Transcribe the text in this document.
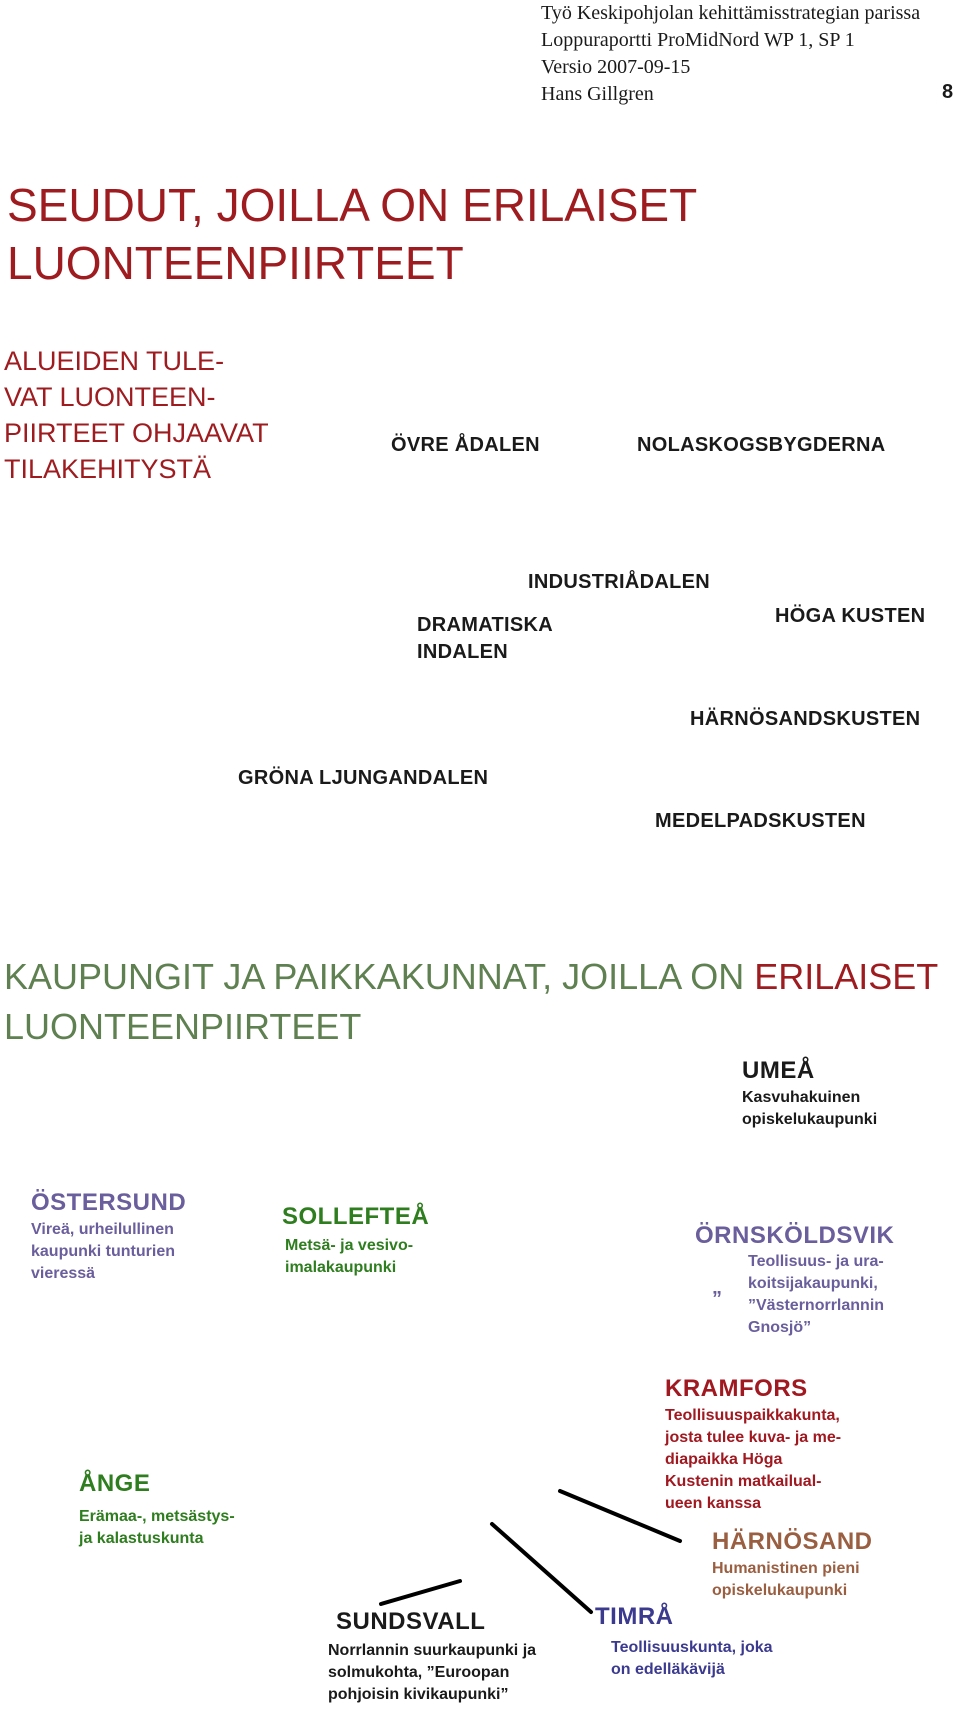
Työ Keskipohjolan kehittämisstrategian parissa
Loppuraportti ProMidNord WP 1, SP 1
Versio 2007-09-15
Hans Gillgren	8
SEUDUT, JOILLA ON ERILAISET
LUONTEENPIIRTEET
ALUEIDEN TULE-
VAT LUONTEEN-
PIIRTEET OHJAAVAT
TILAKEHITYSTÄ
ÖVRE ÅDALEN	NOLASKOGSBYGDERNA
INDUSTRIÅDALEN
DRAMATISKA
INDALEN
HÖGA KUSTEN
HÄRNÖSANDSKUSTEN
GRÖNA LJUNGANDALEN
MEDELPADSKUSTEN
KAUPUNGIT JA PAIKKAKUNNAT, JOILLA ON ERILAISET
LUONTEENPIIRTEET
UMEÅ
Kasvuhakuinen
opiskelukaupunki
ÖSTERSUND
Vireä, urheilullinen
kaupunki tunturien
vieressä
SOLLEFTEÅ
Metsä- ja vesivo-
imalakaupunki
ÖRNSKÖLDSVIK
”
Teollisuus- ja ura-
koitsijakaupunki,
”Västernorrlannin
Gnosjö”
KRAMFORS
Teollisuuspaikkakunta,
josta tulee kuva- ja me-
diapaikka Höga
Kustenin matkailual-
ueen kanssa
ÅNGE
Erämaa-, metsästys-
ja kalastuskunta	HÄRNÖSAND
Humanistinen pieni
opiskelukaupunki
SUNDSVALL
Norrlannin suurkaupunki ja
solmukohta, ”Euroopan
pohjoisin kivikaupunki”
TIMRÅ
Teollisuuskunta, joka
on edelläkävijä
